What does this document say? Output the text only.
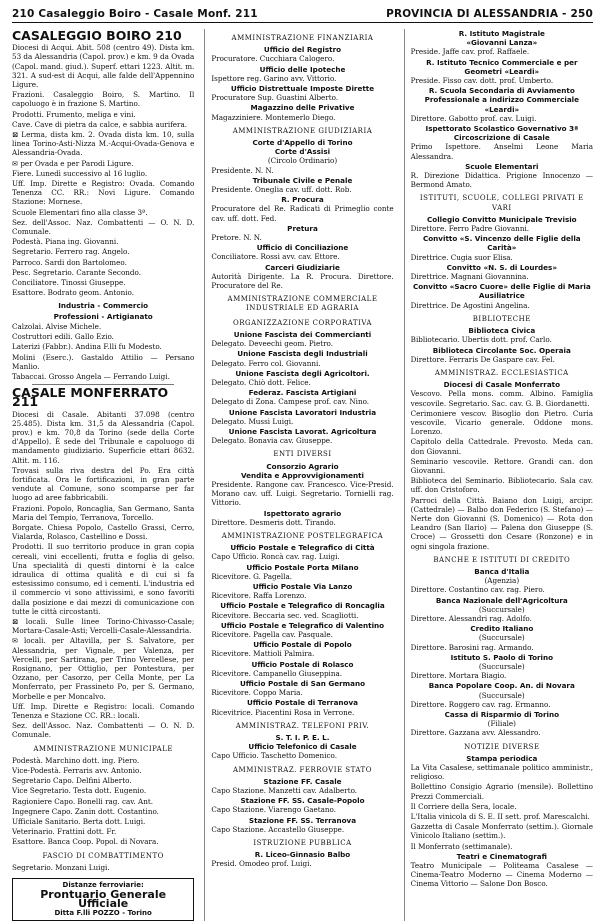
210 Casaleggio Boiro - Casale Monf. 211	PROVINCIA DI ALESSANDRIA - 250
CASALEGGIO BOIRO 210

Diocesi di Acqui. Abit. 508 (centro 49). Dista km. 53 da Alessandria (Capol. prov.) e km. 9 da Ovada (Capol. mand. giud.). Superf. ettari 1223. Altit. m. 321. A sud-est di Acqui, alle falde dell'Appennino Ligure.

Frazioni. Casaleggio Boiro, S. Martino. Il capoluogo è in frazione S. Martino.

Prodotti. Frumento, meliga e vini.

Cave. Cave di pietra da calce, e sabbia aurifera.

⊠ Lerma, dista km. 2. Ovada dista km. 10, sulla linea Torino-Asti-Nizza M.-Acqui-Ovada-Genova e Alessandria-Ovada.

✉ per Ovada e per Parodi Ligure.

Fiere. Lunedì successivo al 16 luglio.

Uff. Imp. Dirette e Registro: Ovada. Comando Tenenza CC. RR.: Novi Ligure. Comando Stazione: Mornese.

Scuole Elementari fino alla classe 3ª.

Sez. dell'Assoc. Naz. Combattenti — O. N. D. Comunale.

Podestà. Piana ing. Giovanni.

Segretario. Ferrero rag. Angelo.

Parroco. Sardi don Bartolomeo.

Pesc. Segretario. Carante Secondo.

Conciliatore. Tinossi Giuseppe.

Esattore. Bodrato geom. Antonio.

Industria - Commercio
Professioni - Artigianato

Calzolai. Alvise Michele.

Costruttori edili. Gallo Ezio.

Laterizi (Fabbr.). Andina F.lli fu Modesto.

Molini (Eserc.). Gastaldo Attilio — Persano Manlio.

Tabaccai. Grosso Angela — Ferrando Luigi.

CASALE MONFERRATO 211

Diocesi di Casale. Abitanti 37.098 (centro 25.485). Dista km. 31,5 da Alessandria (Capol. prov.) e km. 70,8 da Torino (sede della Corte d'Appello). È sede del Tribunale e capoluogo di mandamento giudiziario. Superficie ettari 8632. Altit. m. 116.

Trovasi sulla riva destra del Po. Era città fortificata. Ora le fortificazioni, in gran parte vendute al Comune, sono scomparse per far luogo ad aree fabbricabili.

Frazioni. Popolo, Roncaglia, San Germano, Santa Maria del Tempio, Terranova, Torcello.

Borgate. Chiesa Popolo, Castello Grassi, Cerro, Vialarda, Rolasco, Castellino e Dossi.

Prodotti. Il suo territorio produce in gran copia cereali, vini eccellenti, frutta e foglia di gelso. Una specialità di questi dintorni è la calce idraulica di ottima qualità e di cui si fa estesissimo consumo, ed i cementi. L'industria ed il commercio vi sono attivissimi, e sono favoriti dalla posizione e dai mezzi di comunicazione con tutte le città circostanti.

⊠ locali. Sulle linee Torino-Chivasso-Casale; Mortara-Casale-Asti; Vercelli-Casale-Alessandria.

✉ locali. per Altavilla, per S. Salvatore, per Alessandria, per Vignale, per Valenza, per Vercelli, per Sartirana, per Trino Vercellese, per Rosignano, per Ottiglio, per Pontestura, per Ozzano, per Casorzo, per Cella Monte, per La Monferrato, per Frassineto Po, per S. Germano, Morbelle e per Moncalvo.

Uff. Imp. Dirette e Registro: locali. Comando Tenenza e Stazione CC. RR.: locali.

Sez. dell'Assoc. Naz. Combattenti — O. N. D. Comunale.

AMMINISTRAZIONE MUNICIPALE

Podestà. Marchino dott. ing. Piero.

Vice-Podestà. Ferraris avv. Antonio.

Segretario Capo. Delfini Alberto.

Vice Segretario. Testa dott. Eugenio.

Ragioniere Capo. Bonelli rag. cav. Ant.

Ingegnere Capo. Zanin dott. Costantino.

Ufficiale Sanitario. Berta dott. Luigi.

Veterinario. Frattini dott. Fr.

Esattore. Banca Coop. Popol. di Novara.

FASCIO DI COMBATTIMENTO

Segretario. Monzani Luigi.

Distanze ferroviarie:
Prontuario Generale Ufficiale
Ditta F.lli POZZO - Torino
AMMINISTRAZIONE FINANZIARIA
Ufficio del Registro

Procuratore. Cucchiara Calogero.

Ufficio delle Ipoteche

Ispettore reg. Garino avv. Vittorio.

Ufficio Distrettuale Imposte Dirette

Procuratore Sup. Guastini Alberto.

Magazzino delle Privative

Magazziniere. Montemerlo Diego.

AMMINISTRAZIONE GIUDIZIARIA
Corte d'Appello di Torino
Corte d'Assisi
(Circolo Ordinario)

Presidente. N. N.

Tribunale Civile e Penale

Presidente. Oneglia cav. uff. dott. Rob.

R. Procura

Procuratore del Re. Radicati di Primeglio conte cav. uff. dott. Fed.

Pretura

Pretore. N. N.

Ufficio di Conciliazione

Conciliatore. Rossi avv. cav. Ettore.

Carceri Giudiziarie

Autorità Dirigente. La R. Procura. Direttore. Procuratore del Re.

AMMINISTRAZIONE COMMERCIALE INDUSTRIALE ED AGRARIA
ORGANIZZAZIONE CORPORATIVA
Unione Fascista dei Commercianti

Delegato. Deveechi geom. Pietro.

Unione Fascista degli Industriali

Delegato. Ferro col. Giovanni.

Unione Fascista degli Agricoltori.

Delegato. Chiò dott. Felice.

Federaz. Fascista Artigiani

Delegato di Zona. Campese prof. cav. Nino.

Unione Fascista Lavoratori Industria

Delegato. Mussi Luigi.

Unione Fascista Lavorat. Agricoltura

Delegato. Bonavia cav. Giuseppe.

ENTI DIVERSI
Consorzio Agrario
Vendita e Approvvigionamenti

Presidente. Rangone cav. Francesco. Vice-Presid. Morano cav. uff. Luigi. Segretario. Tornielli rag. Vittorio.

Ispettorato agrario

Direttore. Desmeris dott. Tirando.

AMMINISTRAZIONE POSTELEGRAFICA
Ufficio Postale e Telegrafico di Città

Capo Ufficio. Roncà cav. rag. Luigi.

Ufficio Postale Porta Milano

Ricevitore. G. Pagella.

Ufficio Postale Via Lanzo

Ricevitore. Raffa Lorenzo.

Ufficio Postale e Telegrafico di Roncaglia

Ricevitore. Beccaria sec. ved. Scagliotti.

Ufficio Postale e Telegrafico di Valentino

Ricevitore. Pagella cav. Pasquale.

Ufficio Postale di Popolo

Ricevitore. Mattioli Palmira.

Ufficio Postale di Rolasco

Ricevitore. Campanello Giuseppina.

Ufficio Postale di San Germano

Ricevitore. Coppo Maria.

Ufficio Postale di Terranova

Ricevitrice. Piacentini Rosa in Verrone.

AMMINISTRAZ. TELEFONI PRIV.
S. T. I. P. E. L.
Ufficio Telefonico di Casale

Capo Ufficio. Taschetto Domenico.

AMMINISTRAZ. FERROVIE STATO
Stazione FF. Casale

Capo Stazione. Manzetti cav. Adalberto.

Stazione FF. SS. Casale-Popolo

Capo Stazione. Viarengo Gaetano.

Stazione FF. SS. Terranova

Capo Stazione. Accastello Giuseppe.

ISTRUZIONE PUBBLICA
R. Liceo-Ginnasio Balbo

Presid. Omodeo prof. Luigi.

R. Istituto Magistrale
«Giovanni Lanza»

Preside. Jaffe cav. prof. Raffaele.

R. Istituto Tecnico Commerciale e per Geometri «Leardi»

Preside. Fisso cav. dott. prof. Umberto.

R. Scuola Secondaria di Avviamento Professionale a indirizzo Commerciale «Leardi»

Direttore. Gabotto prof. cav. Luigi.

Ispettorato Scolastico Governativo 3ª Circoscrizione di Casale

Primo Ispettore. Anselmi Leone Maria Alessandra.

Scuole Elementari

R. Direzione Didattica. Prigione Innocenzo — Bermond Amato.

ISTITUTI, SCUOLE, COLLEGI PRIVATI E VARI
Collegio Convitto Municipale Trevisio

Direttore. Ferro Padre Giovanni.

Convitto «S. Vincenzo delle Figlie della Carità»

Direttrice. Cugia suor Elisa.

Convitto «N. S. di Lourdes»

Direttrice. Magnani Giovannina.

Convitto «Sacro Cuore» delle Figlie di Maria Ausiliatrice

Direttrice. De Agostini Angelina.

BIBLIOTECHE
Biblioteca Civica

Bibliotecario. Ubertis dott. prof. Carlo.

Biblioteca Circolante Soc. Operaia

Direttore. Ferraris De Gaspare cav. Fel.

AMMINISTRAZ. ECCLESIASTICA
Diocesi di Casale Monferrato

Vescovo. Pella mons. comm. Albino. Famiglia vescovile. Segretario. Sac. cav. G. B. Giordanetti.

Cerimoniere vescov. Bisoglio don Pietro. Curia vescovile. Vicario generale. Oddone mons. Lorenzo.

Capitolo della Cattedrale. Prevosto. Meda can. don Giovanni.

Seminario vescovile. Rettore. Grandi can. don Giovanni.

Biblioteca del Seminario. Bibliotecario. Sala cav. uff. don Cristoforo.

Parroci della Città. Baiano don Luigi, arcipr. (Cattedrale) — Balbo don Federico (S. Stefano) — Nerte don Giovanni (S. Domenico) — Rota don Leandro (San Ilario) — Palena don Giuseppe (S. Croce) — Grossetti don Cesare (Ronzone) e in ogni singola frazione.

BANCHE E ISTITUTI DI CREDITO
Banca d'Italia
(Agenzia)

Direttore. Costantino cav. rag. Piero.

Banca Nazionale dell'Agricoltura
(Succursale)

Direttore. Alessandri rag. Adolfo.

Credito Italiano
(Succursale)

Direttore. Barosini rag. Armando.

Istituto S. Paolo di Torino
(Succursale)

Direttore. Mortara Biagio.

Banca Popolare Coop. An. di Novara
(Succursale)

Direttore. Roggero cav. rag. Ermanno.

Cassa di Risparmio di Torino
(Filiale)

Direttore. Gazzana avv. Alessandro.

NOTIZIE DIVERSE
Stampa periodica

La Vita Casalese, settimanale politico amministr., religioso.

Bollettino Consigio Agrario (mensile). Bollettino Prezzi Commerciali.

Il Corriere della Sera, locale.

L'Italia vinicola di S. E. II sett. prof. Marescalchi.

Gazzetta di Casale Monferrato (settim.). Giornale Vinicolo Italiano (settim.).

Il Monferrato (settimanale).

Teatri e Cinematografi

Teatro Municipale — Politeama Casalese — Cinema-Teatro Moderno — Cinema Moderno — Cinema Vittorio — Salone Don Bosco.
